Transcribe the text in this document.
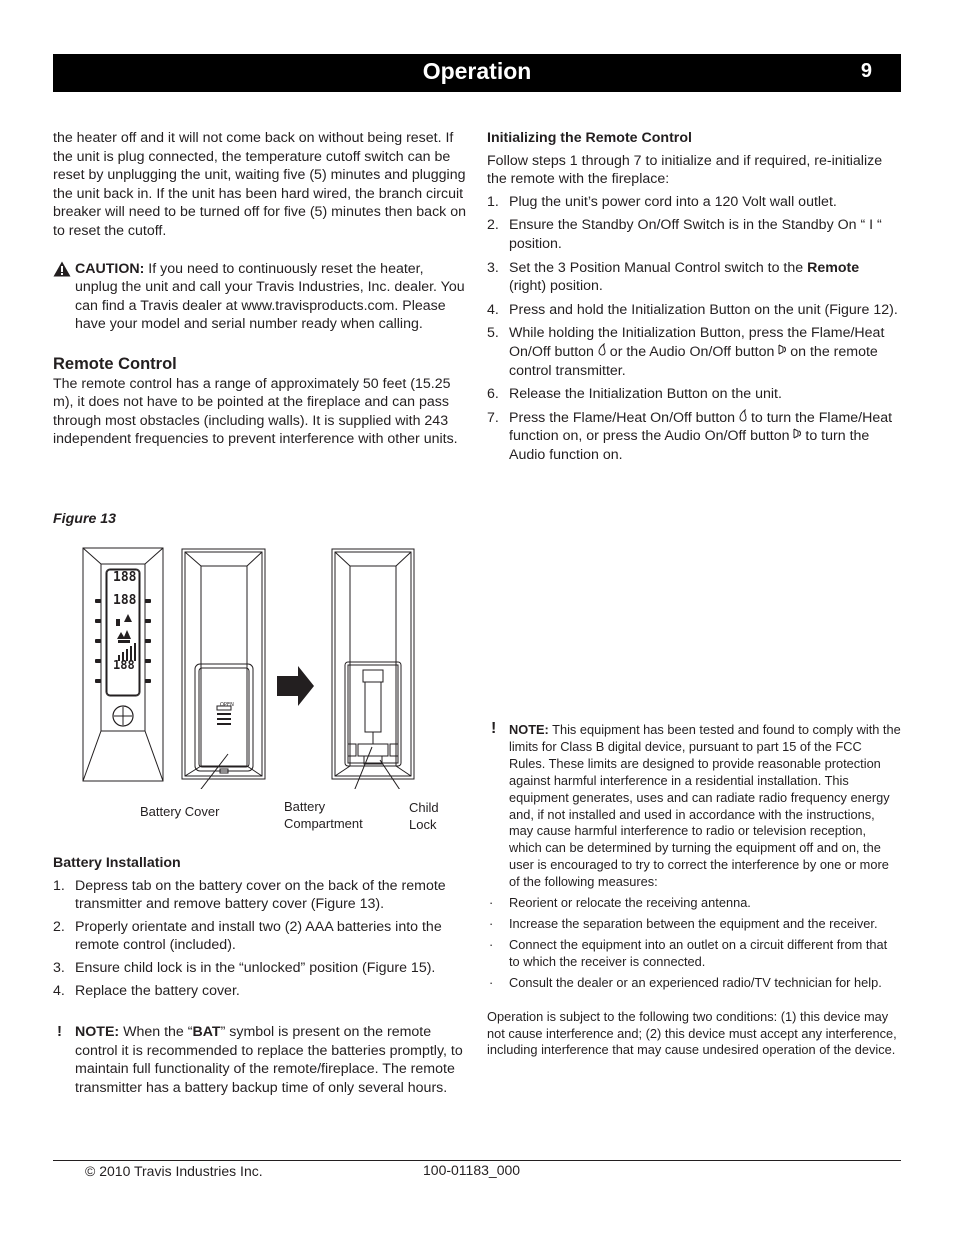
Operation	9

the heater off and it will not come back on without being reset. If the unit is plug connected, the temperature cutoff switch can be reset by unplugging the unit, waiting five (5) minutes and plugging the unit back in. If the unit has been hard wired, the branch circuit breaker will need to be turned off for five (5) minutes then back on to reset the cutoff.

CAUTION: If you need to continuously reset the heater, unplug the unit and call your Travis Industries, Inc. dealer. You can find a Travis dealer at www.travisproducts.com. Please have your model and serial number ready when calling.

Remote Control

The remote control has a range of approximately 50 feet (15.25 m), it does not have to be pointed at the fireplace and can pass through most obstacles (including walls). It is supplied with 243 independent frequencies to prevent interference with other units.

Figure 13
188
188
188
OPEN
Battery Cover	Battery
Compartment
Child
Lock

Battery Installation

1. Depress tab on the battery cover on the back of the remote transmitter and remove battery cover (Figure 13).
2. Properly orientate and install two (2) AAA batteries into the remote control (included).
3. Ensure child lock is in the “unlocked” position (Figure 15).
4. Replace the battery cover.
! NOTE: When the “BAT” symbol is present on the remote control it is recommended to replace the batteries promptly, to maintain full functionality of the remote/fireplace. The remote transmitter has a battery backup time of only several hours.

Initializing the Remote Control

Follow steps 1 through 7 to initialize and if required, re-initialize the remote with the fireplace:

1. Plug the unit’s power cord into a 120 Volt wall outlet.
2. Ensure the Standby On/Off Switch is in the Standby On “ I “ position.
3. Set the 3 Position Manual Control switch to the Remote (right) position.
4. Press and hold the Initialization Button on the unit (Figure 12).
5. While holding the Initialization Button, press the Flame/Heat On/Off button  or the Audio On/Off button  on the remote control transmitter.
6. Release the Initialization Button on the unit.
7. Press the Flame/Heat On/Off button  to turn the Flame/Heat function on, or press the Audio On/Off button  to turn the Audio function on.
! NOTE: This equipment has been tested and found to comply with the limits for Class B digital device, pursuant to part 15 of the FCC Rules. These limits are designed to provide reasonable protection against harmful interference in a residential installation. This equipment generates, uses and can radiate radio frequency energy and, if not installed and used in accordance with the instructions, may cause harmful interference to radio or television reception, which can be determined by turning the equipment off and on, the user is encouraged to try to correct the interference by one or more of the following measures:
· Reorient or relocate the receiving antenna.
· Increase the separation between the equipment and the receiver.
· Connect the equipment into an outlet on a circuit different from that to which the receiver is connected.
· Consult the dealer or an experienced radio/TV technician for help.

Operation is subject to the following two conditions: (1) this device may not cause interference and; (2) this device must accept any interference, including interference that may cause undesired operation of the device.

© 2010 Travis Industries Inc.	100-01183_000
